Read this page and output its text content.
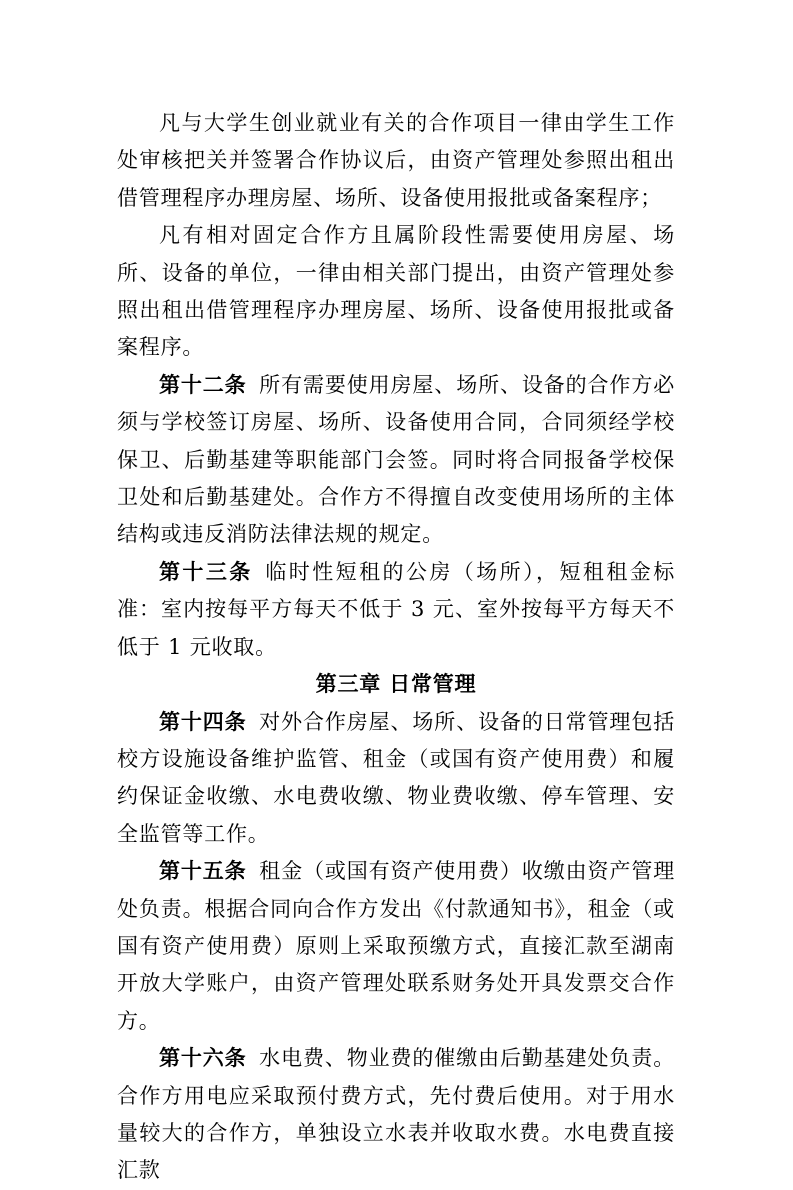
凡与大学生创业就业有关的合作项目一律由学生工作处审核把关并签署合作协议后，由资产管理处参照出租出借管理程序办理房屋、场所、设备使用报批或备案程序；

凡有相对固定合作方且属阶段性需要使用房屋、场所、设备的单位，一律由相关部门提出，由资产管理处参照出租出借管理程序办理房屋、场所、设备使用报批或备案程序。

第十二条 所有需要使用房屋、场所、设备的合作方必须与学校签订房屋、场所、设备使用合同，合同须经学校保卫、后勤基建等职能部门会签。同时将合同报备学校保卫处和后勤基建处。合作方不得擅自改变使用场所的主体结构或违反消防法律法规的规定。

第十三条 临时性短租的公房（场所），短租租金标准：室内按每平方每天不低于 3 元、室外按每平方每天不低于 1 元收取。

第三章 日常管理

第十四条 对外合作房屋、场所、设备的日常管理包括校方设施设备维护监管、租金（或国有资产使用费）和履约保证金收缴、水电费收缴、物业费收缴、停车管理、安全监管等工作。

第十五条 租金（或国有资产使用费）收缴由资产管理处负责。根据合同向合作方发出《付款通知书》，租金（或国有资产使用费）原则上采取预缴方式，直接汇款至湖南开放大学账户，由资产管理处联系财务处开具发票交合作方。

第十六条 水电费、物业费的催缴由后勤基建处负责。合作方用电应采取预付费方式，先付费后使用。对于用水量较大的合作方，单独设立水表并收取水费。水电费直接汇款
